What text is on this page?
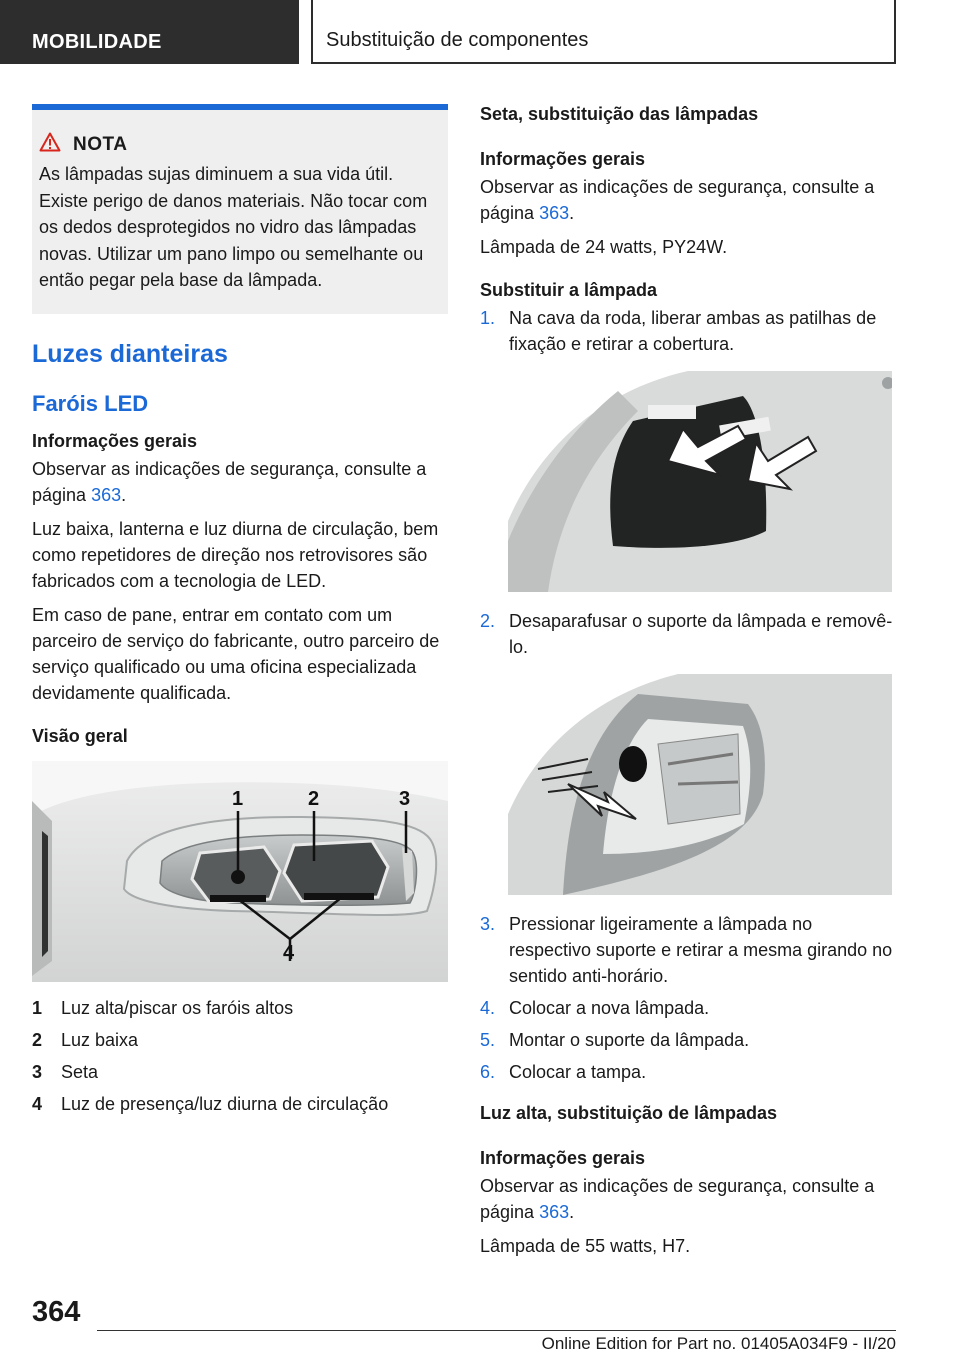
MOBILIDADE	Substituição de componentes
NOTA

As lâmpadas sujas diminuem a sua vida útil. Existe perigo de danos materiais. Não tocar com os dedos desprotegidos no vidro das lâmpadas novas. Utilizar um pano limpo ou semelhante ou então pegar pela base da lâmpada.

Luzes dianteiras
Faróis LED
Informações gerais

Observar as indicações de segurança, consulte a página 363.

Luz baixa, lanterna e luz diurna de circulação, bem como repetidores de direção nos retrovisores são fabricados com a tecnologia de LED.

Em caso de pane, entrar em contato com um parceiro de serviço do fabricante, outro parceiro de serviço qualificado ou uma oficina especializada devidamente qualificada.

Visão geral
1	2	3
4
1	Luz alta/piscar os faróis altos
2	Luz baixa
3	Seta
4	Luz de presença/luz diurna de circulação
Seta, substituição das lâmpadas
Informações gerais

Observar as indicações de segurança, consulte a página 363.

Lâmpada de 24 watts, PY24W.

Substituir a lâmpada
1. Na cava da roda, liberar ambas as patilhas de fixação e retirar a cobertura.
2. Desaparafusar o suporte da lâmpada e removê-lo.
3. Pressionar ligeiramente a lâmpada no respectivo suporte e retirar a mesma girando no sentido anti-horário.
4. Colocar a nova lâmpada.
5. Montar o suporte da lâmpada.
6. Colocar a tampa.
Luz alta, substituição de lâmpadas
Informações gerais

Observar as indicações de segurança, consulte a página 363.

Lâmpada de 55 watts, H7.

364
Online Edition for Part no. 01405A034F9 - II/20
